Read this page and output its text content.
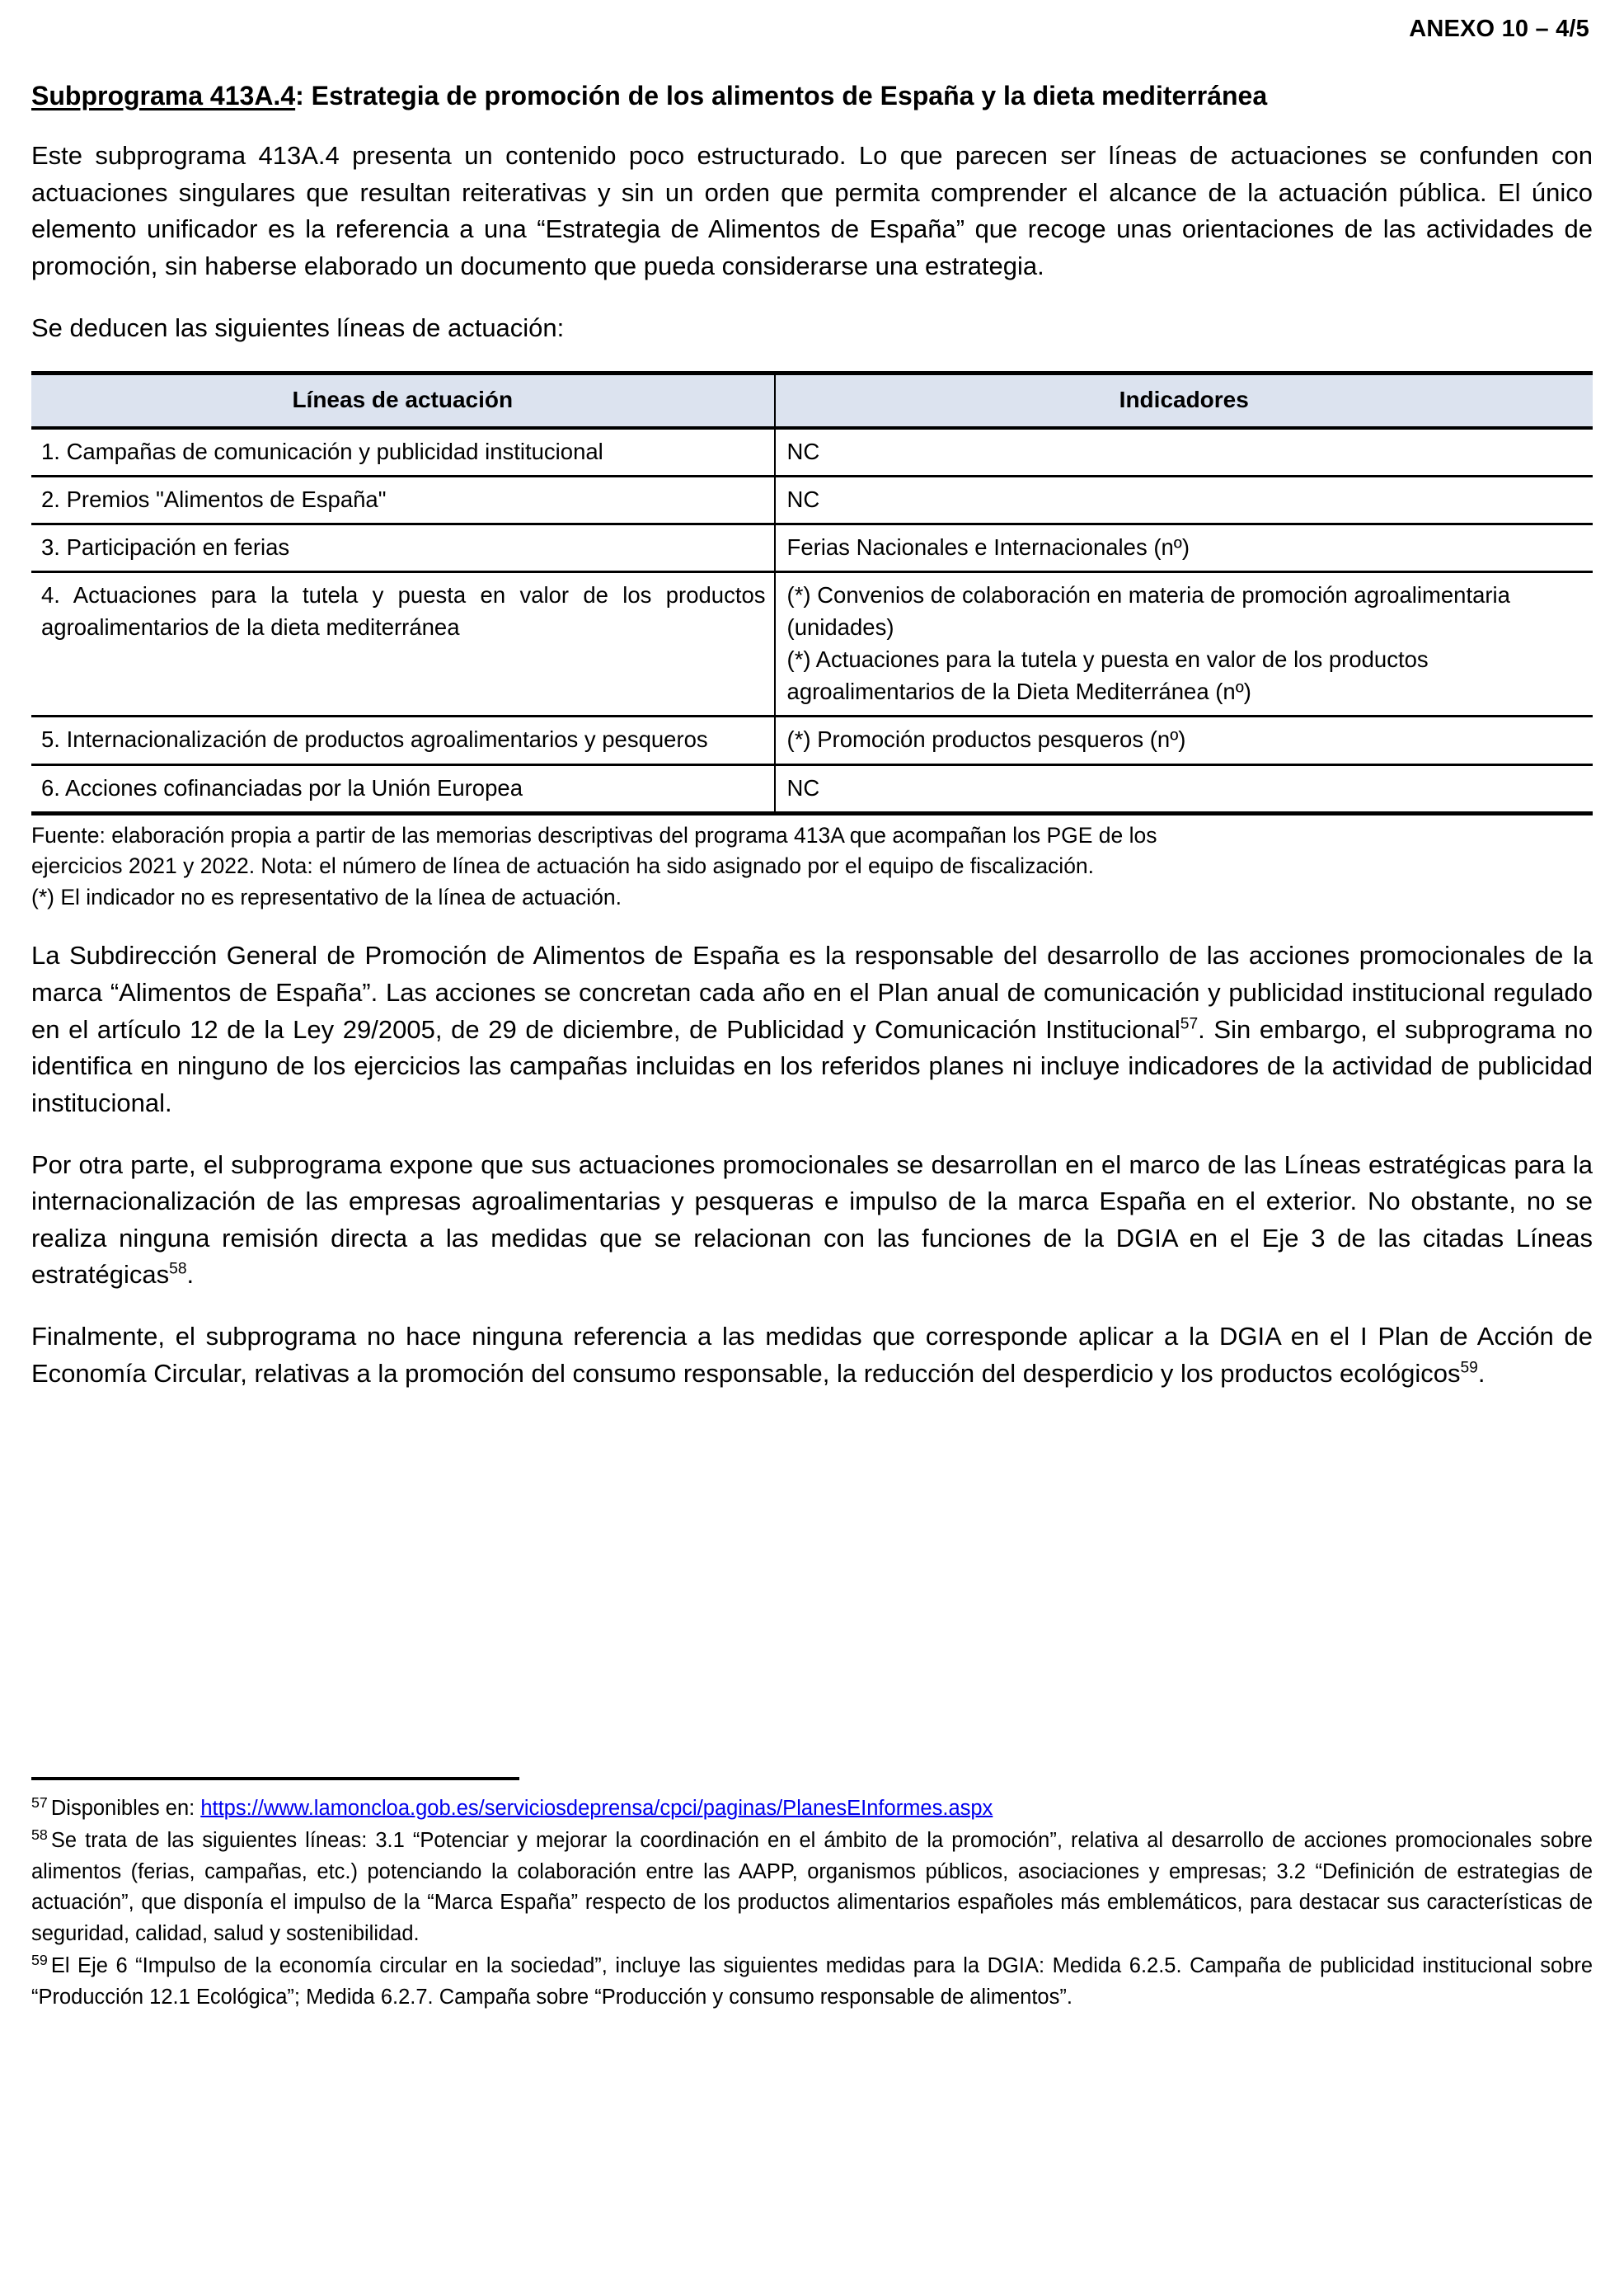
ANEXO 10 – 4/5
Subprograma 413A.4: Estrategia de promoción de los alimentos de España y la dieta mediterránea

Este subprograma 413A.4 presenta un contenido poco estructurado. Lo que parecen ser líneas de actuaciones se confunden con actuaciones singulares que resultan reiterativas y sin un orden que permita comprender el alcance de la actuación pública. El único elemento unificador es la referencia a una “Estrategia de Alimentos de España” que recoge unas orientaciones de las actividades de promoción, sin haberse elaborado un documento que pueda considerarse una estrategia.

Se deducen las siguientes líneas de actuación:

Líneas de actuación	Indicadores
1. Campañas de comunicación y publicidad institucional	NC
2. Premios "Alimentos de España"	NC
3. Participación en ferias	Ferias Nacionales e Internacionales (nº)
4. Actuaciones para la tutela y puesta en valor de los productos agroalimentarios de la dieta mediterránea	(*) Convenios de colaboración en materia de promoción agroalimentaria (unidades)
(*) Actuaciones para la tutela y puesta en valor de los productos agroalimentarios de la Dieta Mediterránea (nº)
5. Internacionalización de productos agroalimentarios y pesqueros	(*) Promoción productos pesqueros (nº)
6. Acciones cofinanciadas por la Unión Europea	NC
Fuente: elaboración propia a partir de las memorias descriptivas del programa 413A que acompañan los PGE de los
ejercicios 2021 y 2022. Nota: el número de línea de actuación ha sido asignado por el equipo de fiscalización.
(*) El indicador no es representativo de la línea de actuación.

La Subdirección General de Promoción de Alimentos de España es la responsable del desarrollo de las acciones promocionales de la marca “Alimentos de España”. Las acciones se concretan cada año en el Plan anual de comunicación y publicidad institucional regulado en el artículo 12 de la Ley 29/2005, de 29 de diciembre, de Publicidad y Comunicación Institucional$^{57}$. Sin embargo, el subprograma no identifica en ninguno de los ejercicios las campañas incluidas en los referidos planes ni incluye indicadores de la actividad de publicidad institucional.

Por otra parte, el subprograma expone que sus actuaciones promocionales se desarrollan en el marco de las Líneas estratégicas para la internacionalización de las empresas agroalimentarias y pesqueras e impulso de la marca España en el exterior. No obstante, no se realiza ninguna remisión directa a las medidas que se relacionan con las funciones de la DGIA en el Eje 3 de las citadas Líneas estratégicas$^{58}$.

Finalmente, el subprograma no hace ninguna referencia a las medidas que corresponde aplicar a la DGIA en el I Plan de Acción de Economía Circular, relativas a la promoción del consumo responsable, la reducción del desperdicio y los productos ecológicos$^{59}$.

$^{57}$ Disponibles en: https://www.lamoncloa.gob.es/serviciosdeprensa/cpci/paginas/PlanesEInformes.aspx
$^{58}$ Se trata de las siguientes líneas: 3.1 “Potenciar y mejorar la coordinación en el ámbito de la promoción”, relativa al desarrollo de acciones promocionales sobre alimentos (ferias, campañas, etc.) potenciando la colaboración entre las AAPP, organismos públicos, asociaciones y empresas; 3.2 “Definición de estrategias de actuación”, que disponía el impulso de la “Marca España” respecto de los productos alimentarios españoles más emblemáticos, para destacar sus características de seguridad, calidad, salud y sostenibilidad.
$^{59}$ El Eje 6 “Impulso de la economía circular en la sociedad”, incluye las siguientes medidas para la DGIA: Medida 6.2.5. Campaña de publicidad institucional sobre “Producción 12.1 Ecológica”; Medida 6.2.7. Campaña sobre “Producción y consumo responsable de alimentos”.
